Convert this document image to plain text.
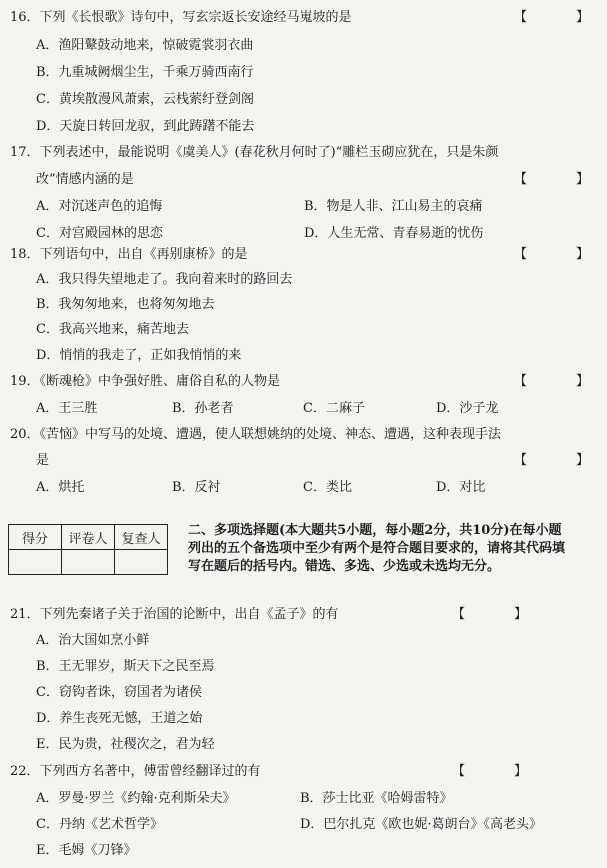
16．下列《长恨歌》诗句中，写玄宗返长安途经马嵬坡的是	【　】
A．渔阳鼙鼓动地来，惊破霓裳羽衣曲
B．九重城阙烟尘生，千乘万骑西南行
C．黄埃散漫风萧索，云栈萦纡登剑阁
D．天旋日转回龙驭，到此踌躇不能去
17．下列表述中，最能说明《虞美人》(春花秋月何时了)“雕栏玉砌应犹在，只是朱颜
改”情感内涵的是	【　】
A．对沉迷声色的追悔	B．物是人非、江山易主的哀痛
C．对宫殿园林的思恋	D．人生无常、青春易逝的忧伤
18．下列语句中，出自《再别康桥》的是	【　】
A．我只得失望地走了。我向着来时的路回去
B．我匆匆地来，也将匆匆地去
C．我高兴地来，痛苦地去
D．悄悄的我走了，正如我悄悄的来
19．《断魂枪》中争强好胜、庸俗自私的人物是	【　】
A．王三胜	B．孙老者	C．二麻子	D．沙子龙
20．《苦恼》中写马的处境、遭遇，使人联想姚纳的处境、神态、遭遇，这种表现手法
是	【　】
A．烘托	B．反衬	C．类比	D．对比
得分	评卷人	复查人

二、多项选择题(本大题共5小题，每小题2分，共10分)在每小题列出的五个备选项中至少有两个是符合题目要求的，请将其代码填写在题后的括号内。错选、多选、少选或未选均无分。
21．下列先秦诸子关于治国的论断中，出自《孟子》的有	【　】
A．治大国如烹小鲜
B．王无罪岁，斯天下之民至焉
C．窃钩者诛，窃国者为诸侯
D．养生丧死无憾，王道之始
E．民为贵，社稷次之，君为轻
22．下列西方名著中，傅雷曾经翻译过的有	【　】
A．罗曼·罗兰《约翰·克利斯朵夫》	B．莎士比亚《哈姆雷特》
C．丹纳《艺术哲学》	D．巴尔扎克《欧也妮·葛朗台》《高老头》
E．毛姆《刀锋》
